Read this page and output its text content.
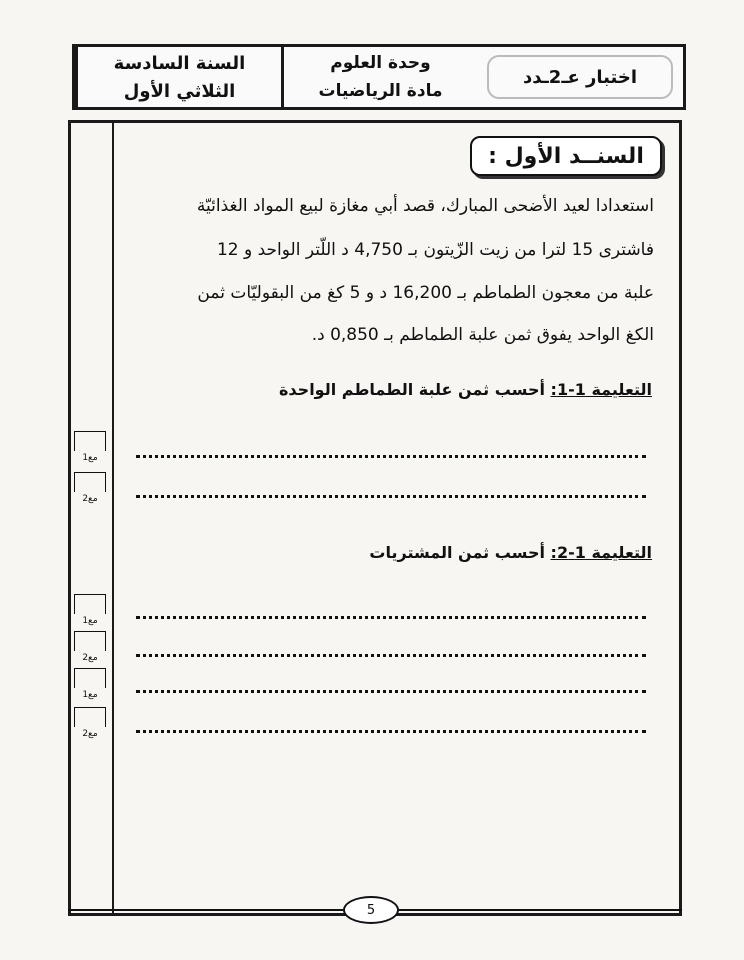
السنة السادسة
الثلاثي الأول
وحدة العلوم
مادة الرياضيات
اختبار عـ2ـدد
السنــد الأول :
استعدادا لعيد الأضحى المبارك، قصد أبي مغازة لبيع المواد الغذائيّة
فاشترى 15 لترا من زيت الزّيتون بـ 4,750 د اللّتر الواحد و 12
علبة من معجون الطماطم بـ 16,200 د و 5 كغ من البقوليّات ثمن
الكغ الواحد يفوق ثمن علبة الطماطم بـ 0,850 د.
التعليمة 1-1: أحسب ثمن علبة الطماطم الواحدة
مع1
مع2
التعليمة 1-2: أحسب ثمن المشتريات
مع1
مع2
مع1
مع2
5
